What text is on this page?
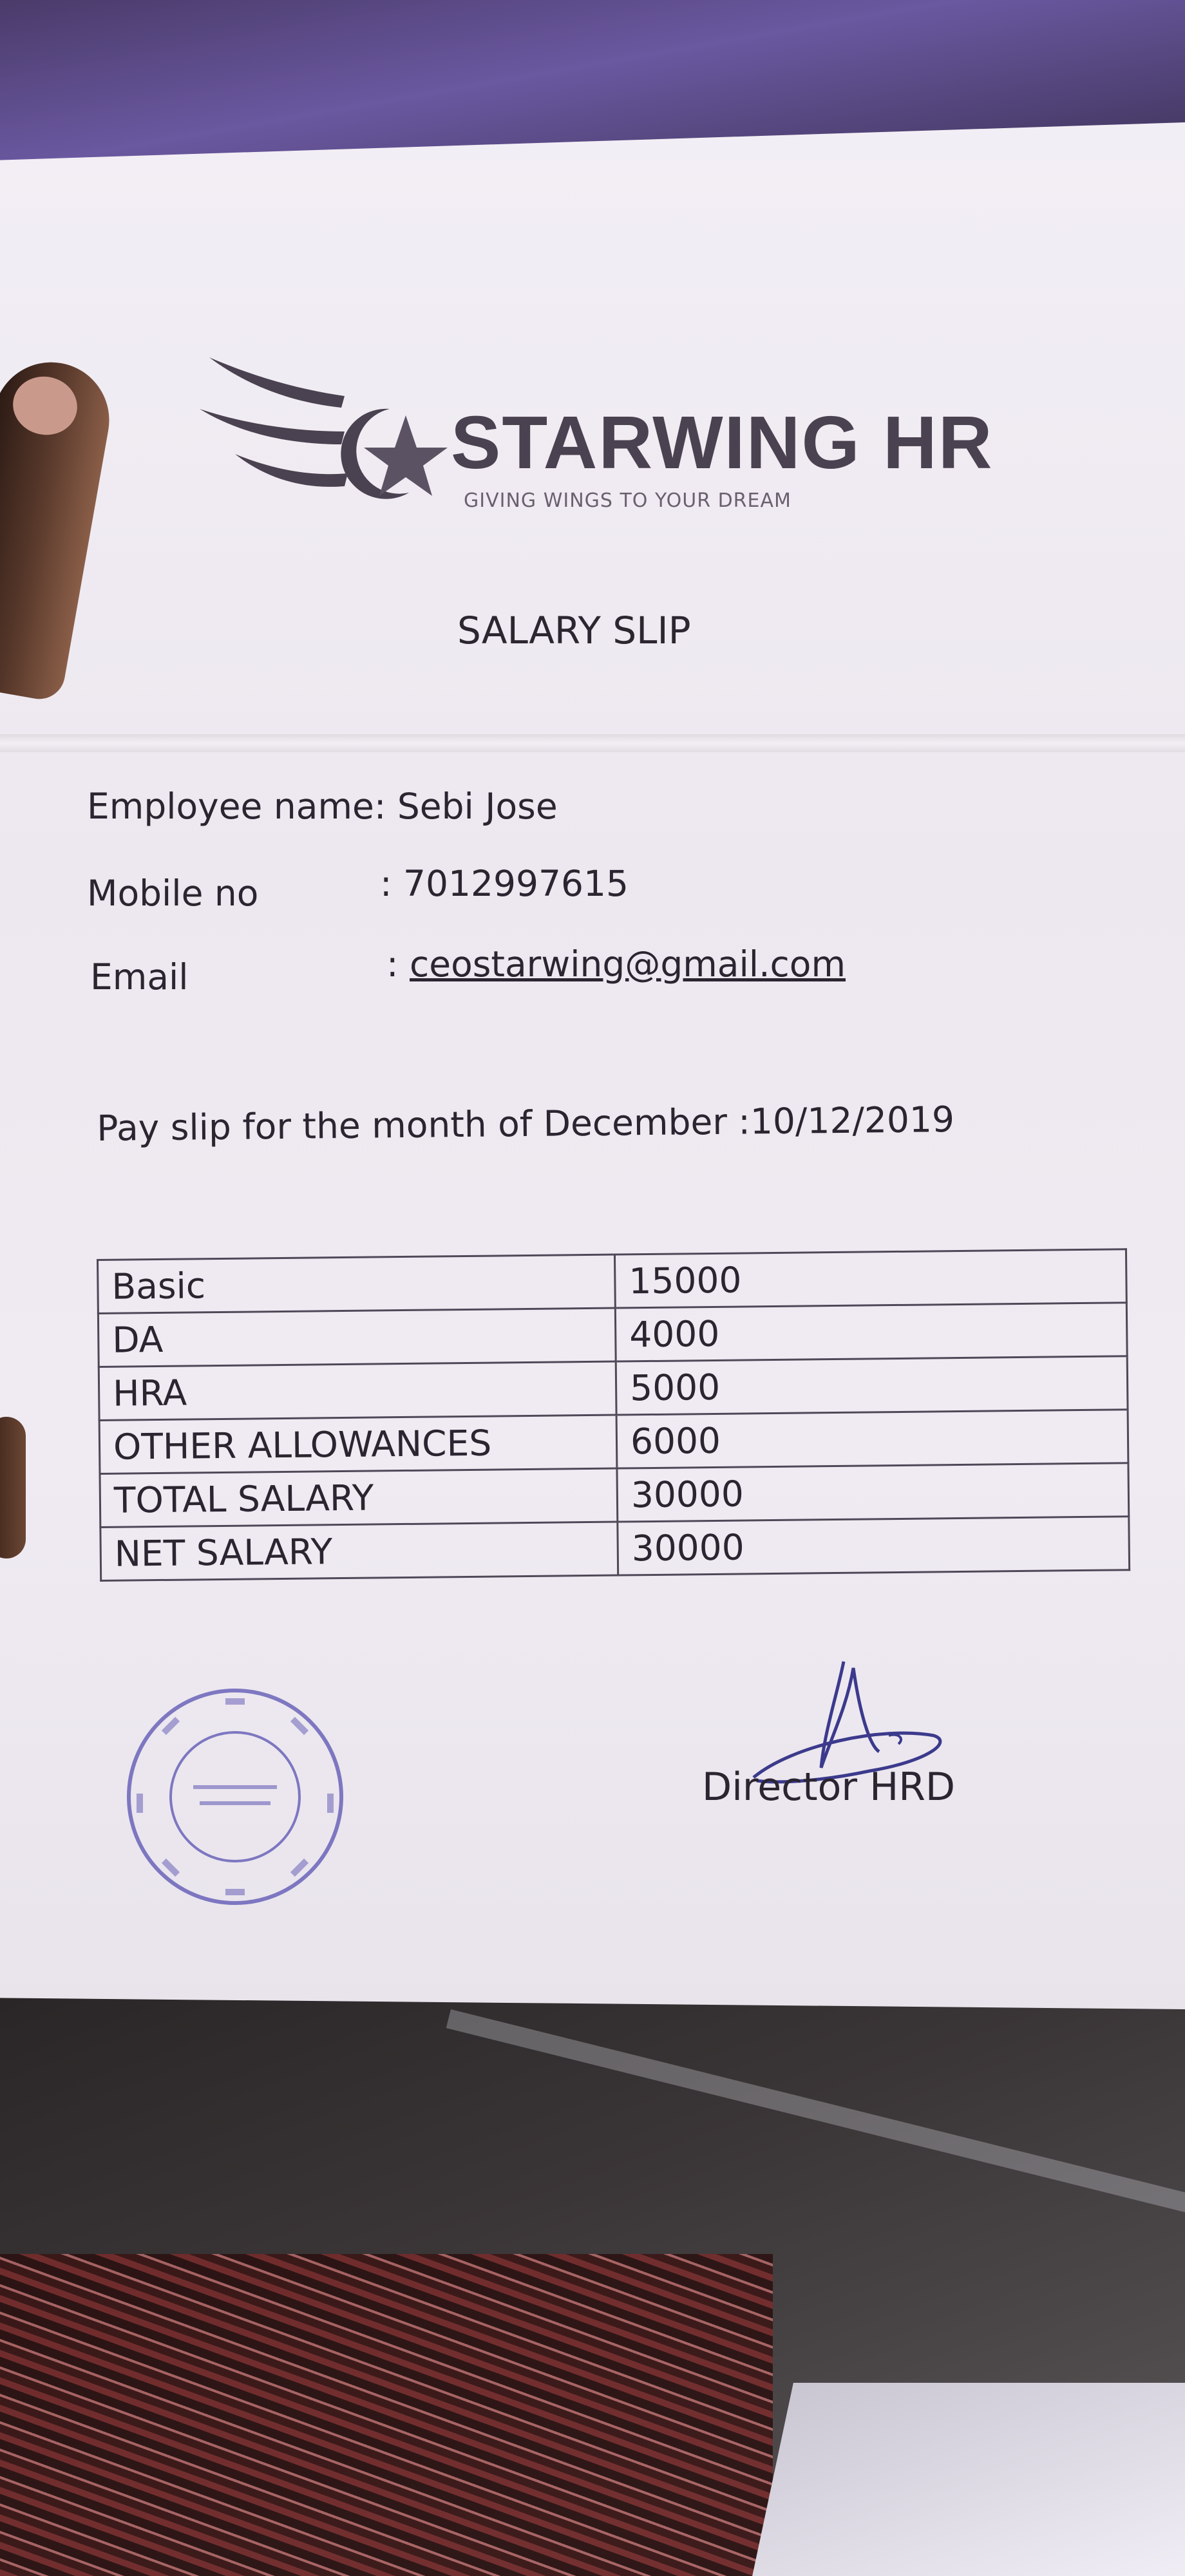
STARWING HR
GIVING WINGS TO YOUR DREAM
SALARY SLIP
Employee name: Sebi Jose
Mobile no	: 7012997615
Email	: ceostarwing@gmail.com
Pay slip for the month of December :10/12/2019
Basic	15000
DA	4000
HRA	5000
OTHER ALLOWANCES	6000
TOTAL SALARY	30000
NET SALARY	30000
Director HRD
